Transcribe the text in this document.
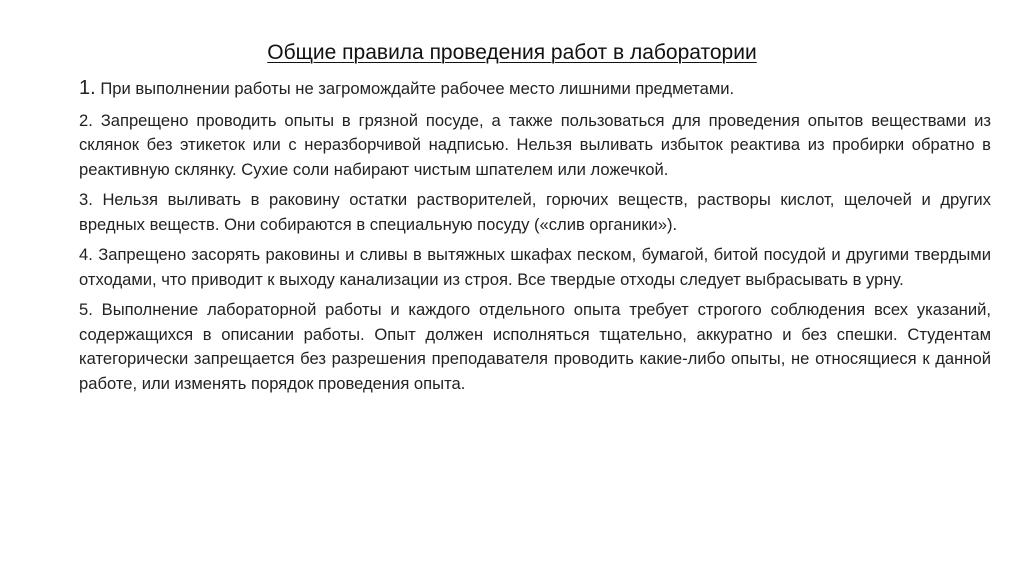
Общие правила проведения работ в лаборатории

1. При выполнении работы не загромождайте рабочее место лишними предметами.

2. Запрещено проводить опыты в грязной посуде, а также пользоваться для проведения опытов веществами из склянок без этикеток или с неразборчивой надписью. Нельзя выливать избыток реактива из пробирки обратно в реактивную склянку. Сухие соли набирают чистым шпателем или ложечкой.

3. Нельзя выливать в раковину остатки растворителей, горючих веществ, растворы кислот, щелочей и других вредных веществ. Они собираются в специальную посуду («слив органики»).

4. Запрещено засорять раковины и сливы в вытяжных шкафах песком, бумагой, битой посудой и другими твердыми отходами, что приводит к выходу канализации из строя. Все твердые отходы следует выбрасывать в урну.

5. Выполнение лабораторной работы и каждого отдельного опыта требует строгого соблюдения всех указаний, содержащихся в описании работы. Опыт должен исполняться тщательно, аккуратно и без спешки. Студентам категорически запрещается без разрешения преподавателя проводить какие-либо опыты, не относящиеся к данной работе, или изменять порядок проведения опыта.
